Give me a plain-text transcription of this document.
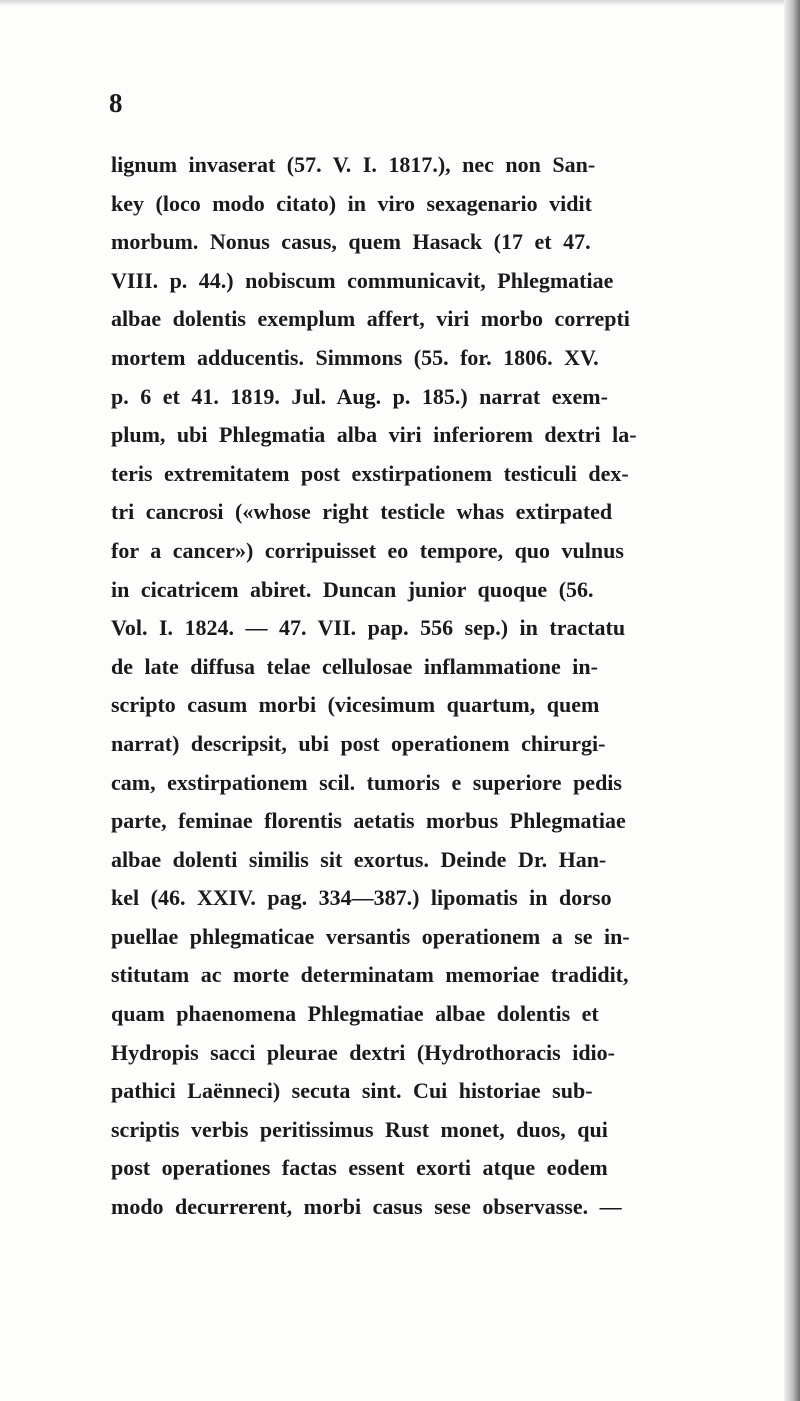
8
lignum invaserat (57. V. I. 1817.), nec non San-
key (loco modo citato) in viro sexagenario vidit
morbum. Nonus casus, quem Hasack (17 et 47.
VIII. p. 44.) nobiscum communicavit, Phlegmatiae
albae dolentis exemplum affert, viri morbo correpti
mortem adducentis. Simmons (55. for. 1806. XV.
p. 6 et 41. 1819. Jul. Aug. p. 185.) narrat exem-
plum, ubi Phlegmatia alba viri inferiorem dextri la-
teris extremitatem post exstirpationem testiculi dex-
tri cancrosi («whose right testicle whas extirpated
for a cancer») corripuisset eo tempore, quo vulnus
in cicatricem abiret. Duncan junior quoque (56.
Vol. I. 1824. — 47. VII. pap. 556 sep.) in tractatu
de late diffusa telae cellulosae inflammatione in-
scripto casum morbi (vicesimum quartum, quem
narrat) descripsit, ubi post operationem chirurgi-
cam, exstirpationem scil. tumoris e superiore pedis
parte, feminae florentis aetatis morbus Phlegmatiae
albae dolenti similis sit exortus. Deinde Dr. Han-
kel (46. XXIV. pag. 334—387.) lipomatis in dorso
puellae phlegmaticae versantis operationem a se in-
stitutam ac morte determinatam memoriae tradidit,
quam phaenomena Phlegmatiae albae dolentis et
Hydropis sacci pleurae dextri (Hydrothoracis idio-
pathici Laënneci) secuta sint. Cui historiae sub-
scriptis verbis peritissimus Rust monet, duos, qui
post operationes factas essent exorti atque eodem
modo decurrerent, morbi casus sese observasse. —
